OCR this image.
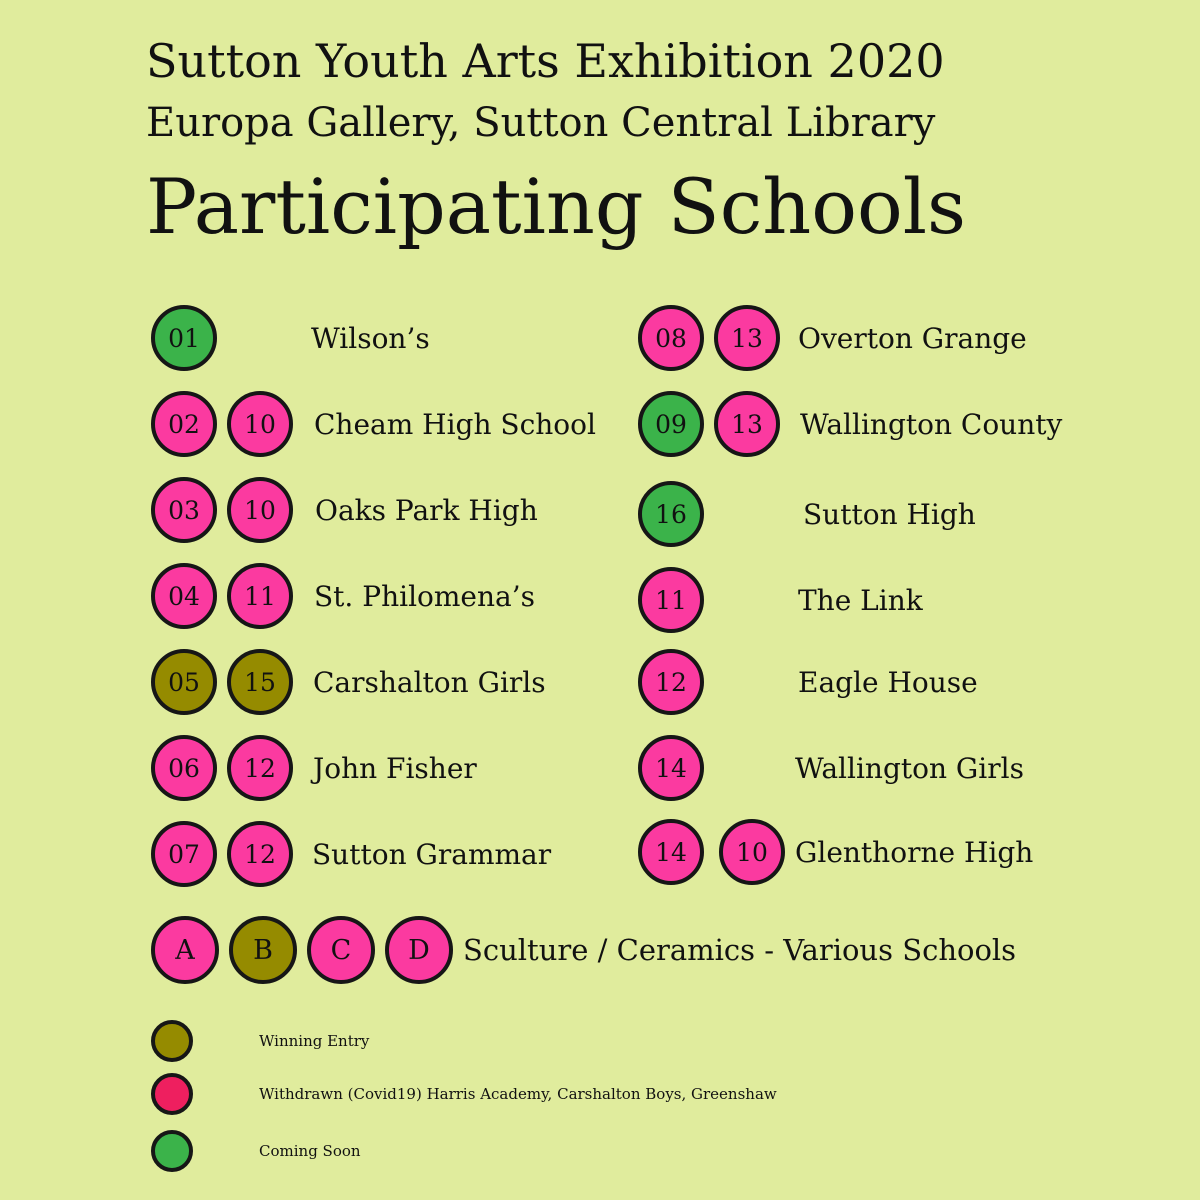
Sutton Youth Arts Exhibition 2020
Europa Gallery, Sutton Central Library
Participating Schools
01	Wilson’s
02	10	Cheam High School
03	10	Oaks Park High
04	11	St. Philomena’s
05	15	Carshalton Girls
06	12	John Fisher
07	12	Sutton Grammar
08	13	Overton Grange
09	13	Wallington County
16	Sutton High
11	The Link
12	Eagle House
14	Wallington Girls
14	10 Glenthorne High
A	B	C	D	Sculture / Ceramics - Various Schools
Winning Entry
Withdrawn (Covid19) Harris Academy, Carshalton Boys, Greenshaw
Coming Soon
